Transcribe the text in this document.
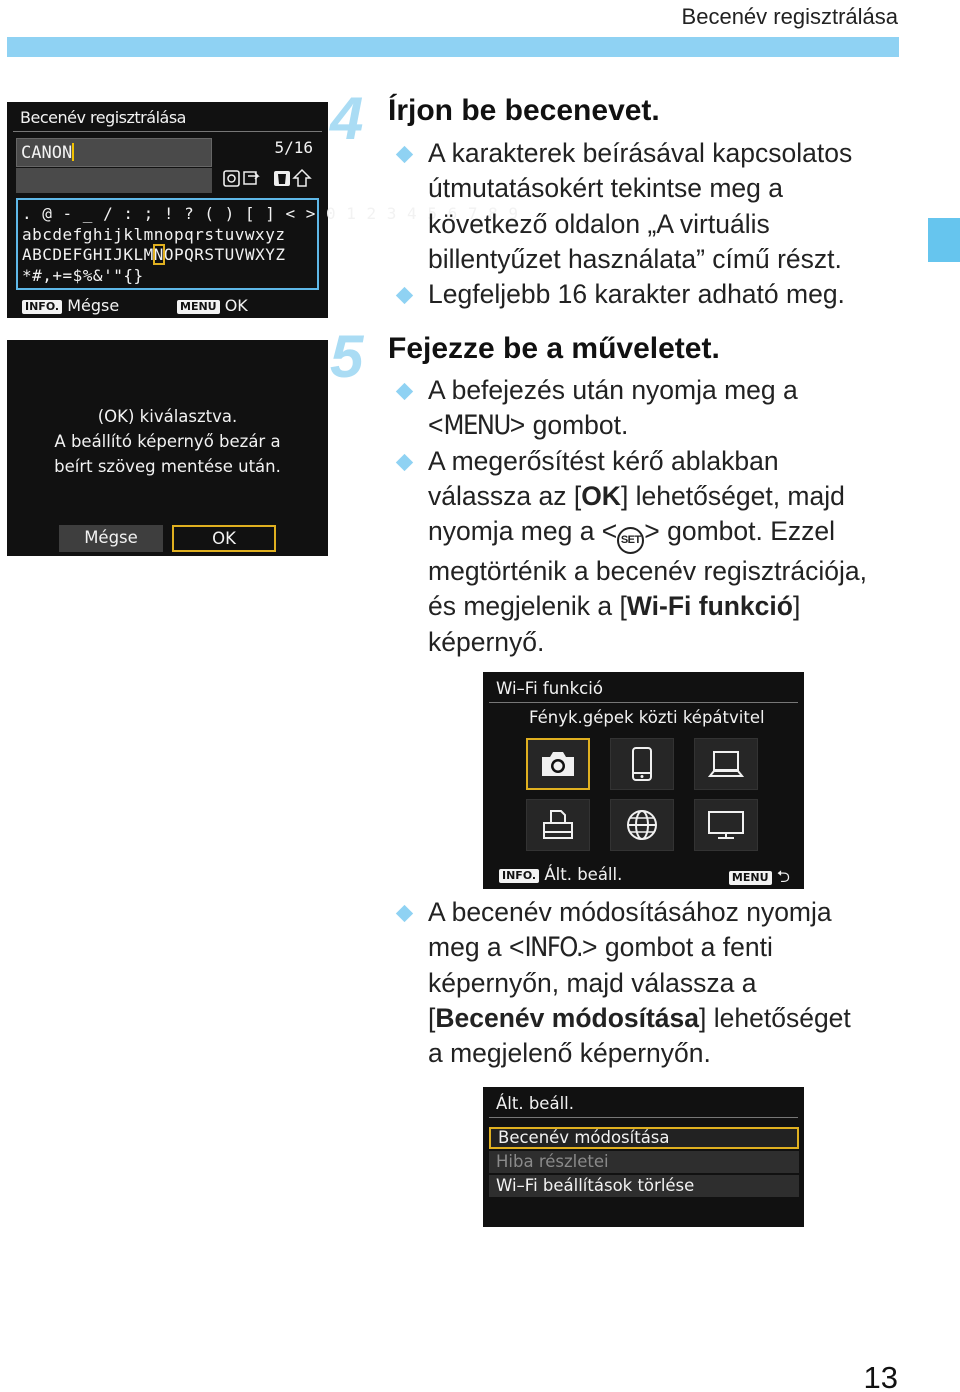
Becenév regisztrálása
Becenév regisztrálása
CANON	5/16
. @ - _ / : ; ! ? ( ) [ ] < > 0 1 2 3 4 5 6 7 8 9
abcdefghijklmnopqrstuvwxyz
ABCDEFGHIJKLMNOPQRSTUVWXYZ
*#,+=$%&'"{}
INFO. Mégse	MENU OK
(OK) kiválasztva.
A beállító képernyő bezár a
beírt szöveg mentése után.
Mégse	OK
4 Írjon be becenevet.
A karakterek beírásával kapcsolatos
útmutatásokért tekintse meg a
következő oldalon „A virtuális
billentyűzet használata” című részt.
Legfeljebb 16 karakter adható meg.
5 Fejezze be a műveletet.
A befejezés után nyomja meg a
<MENU> gombot.
A megerősítést kérő ablakban
válassza az [OK] lehetőséget, majd
nyomja meg a < SET > gombot. Ezzel
megtörténik a becenév regisztrációja,
és megjelenik a [Wi-Fi funkció]
képernyő.
Wi–Fi funkció
Fényk.gépek közti képátvitel
INFO. Ált. beáll.	MENU ⮌
A becenév módosításához nyomja
meg a <INFO.> gombot a fenti
képernyőn, majd válassza a
[Becenév módosítása] lehetőséget
a megjelenő képernyőn.
Ált. beáll.
Becenév módosítása
Hiba részletei
Wi–Fi beállítások törlése
13
